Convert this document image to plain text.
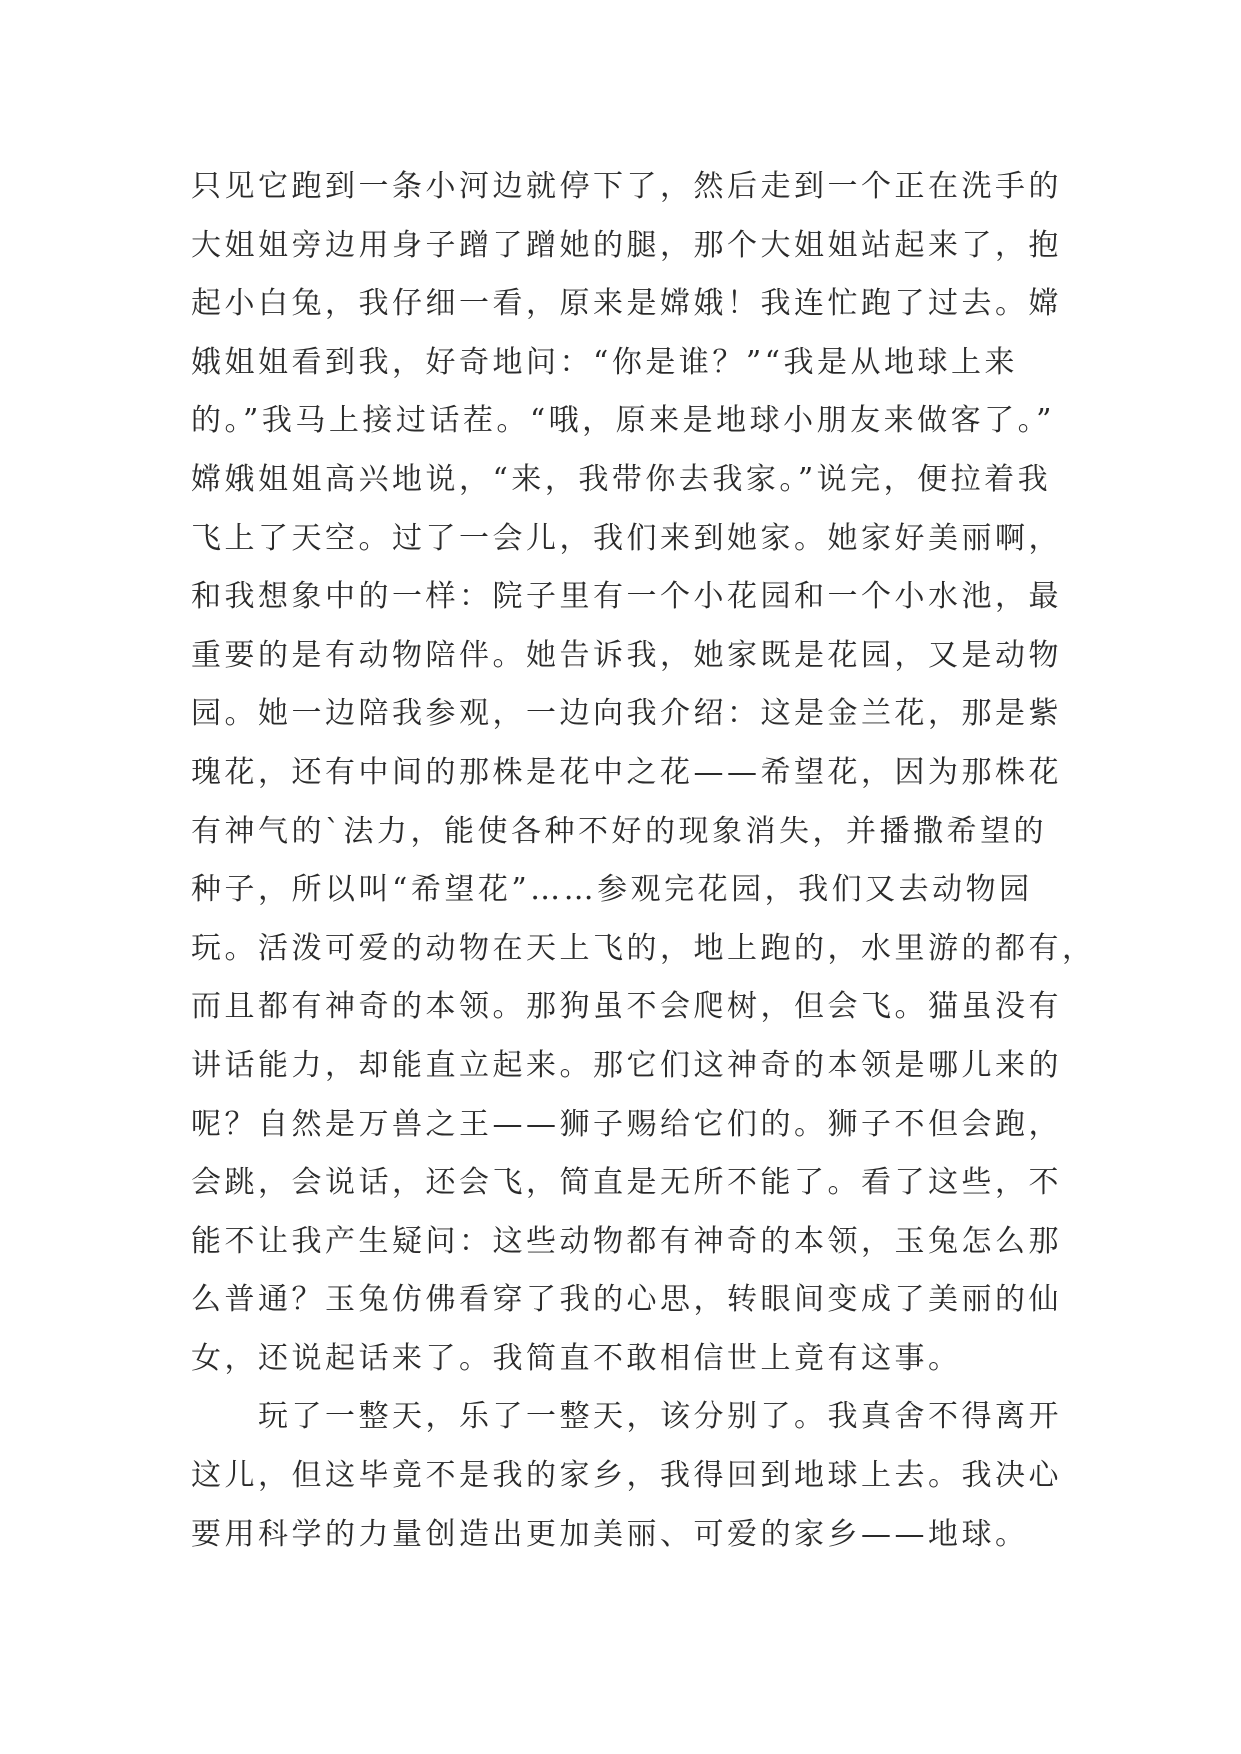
只见它跑到一条小河边就停下了，然后走到一个正在洗手的
大姐姐旁边用身子蹭了蹭她的腿，那个大姐姐站起来了，抱
起小白兔，我仔细一看，原来是嫦娥！我连忙跑了过去。嫦
娥姐姐看到我，好奇地问：“你是谁？”“我是从地球上来
的。”我马上接过话茬。“哦，原来是地球小朋友来做客了。”
嫦娥姐姐高兴地说，“来，我带你去我家。”说完，便拉着我
飞上了天空。过了一会儿，我们来到她家。她家好美丽啊，
和我想象中的一样：院子里有一个小花园和一个小水池，最
重要的是有动物陪伴。她告诉我，她家既是花园，又是动物
园。她一边陪我参观，一边向我介绍：这是金兰花，那是紫
瑰花，还有中间的那株是花中之花——希望花，因为那株花
有神气的`法力，能使各种不好的现象消失，并播撒希望的
种子，所以叫“希望花”……参观完花园，我们又去动物园
玩。活泼可爱的动物在天上飞的，地上跑的，水里游的都有，
而且都有神奇的本领。那狗虽不会爬树，但会飞。猫虽没有
讲话能力，却能直立起来。那它们这神奇的本领是哪儿来的
呢？自然是万兽之王——狮子赐给它们的。狮子不但会跑，
会跳，会说话，还会飞，简直是无所不能了。看了这些，不
能不让我产生疑问：这些动物都有神奇的本领，玉兔怎么那
么普通？玉兔仿佛看穿了我的心思，转眼间变成了美丽的仙
女，还说起话来了。我简直不敢相信世上竟有这事。
　　玩了一整天，乐了一整天，该分别了。我真舍不得离开
这儿，但这毕竟不是我的家乡，我得回到地球上去。我决心
要用科学的力量创造出更加美丽、可爱的家乡——地球。
